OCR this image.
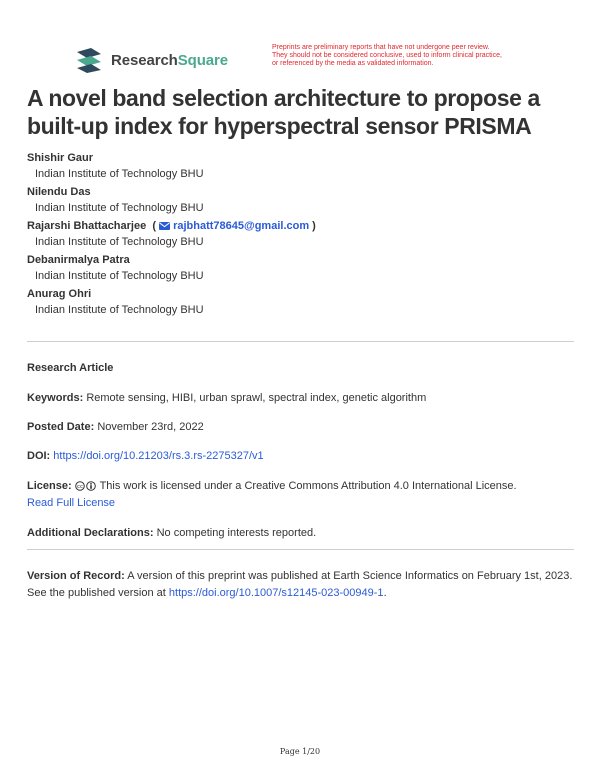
ResearchSquare
Preprints are preliminary reports that have not undergone peer review.
They should not be considered conclusive, used to inform clinical practice,
or referenced by the media as validated information.
A novel band selection architecture to propose a built-up index for hyperspectral sensor PRISMA
Shishir Gaur
Indian Institute of Technology BHU
Nilendu Das
Indian Institute of Technology BHU
Rajarshi Bhattacharjee  ( rajbhatt78645@gmail.com )
Indian Institute of Technology BHU
Debanirmalya Patra
Indian Institute of Technology BHU
Anurag Ohri
Indian Institute of Technology BHU
Research Article
Keywords: Remote sensing, HIBI, urban sprawl, spectral index, genetic algorithm
Posted Date: November 23rd, 2022
DOI: https://doi.org/10.21203/rs.3.rs-2275327/v1
License: cc This work is licensed under a Creative Commons Attribution 4.0 International License.
Read Full License
Additional Declarations: No competing interests reported.
Version of Record: A version of this preprint was published at Earth Science Informatics on February 1st, 2023. See the published version at https://doi.org/10.1007/s12145-023-00949-1.
Page 1/20
